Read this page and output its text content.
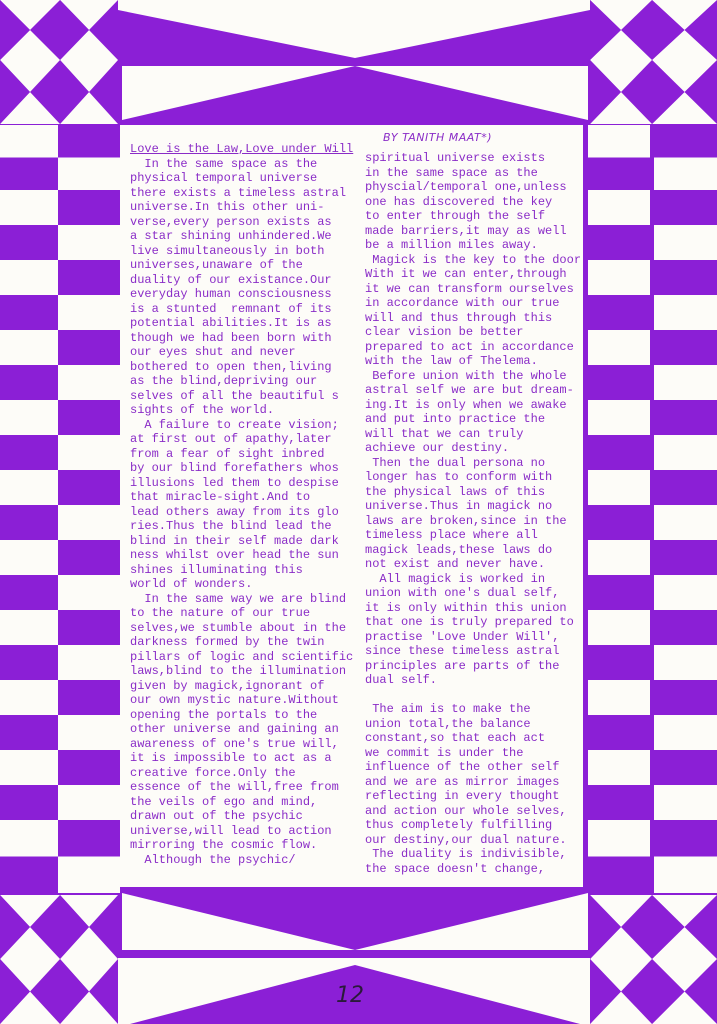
BY TANITH MAAT*)
Love is the Law,Love under Will
In the same space as the
physical temporal universe
there exists a timeless astral
universe.In this other uni-
verse,every person exists as
a star shining unhindered.We
live simultaneously in both
universes,unaware of the
duality of our existance.Our
everyday human consciousness
is a stunted  remnant of its
potential abilities.It is as
though we had been born with
our eyes shut and never
bothered to open then,living
as the blind,depriving our
selves of all the beautiful s
sights of the world.
A failure to create vision;
at first out of apathy,later
from a fear of sight inbred
by our blind forefathers whos
illusions led them to despise
that miracle-sight.And to
lead others away from its glo
ries.Thus the blind lead the
blind in their self made dark
ness whilst over head the sun
shines illuminating this
world of wonders.
In the same way we are blind
to the nature of our true
selves,we stumble about in the
darkness formed by the twin
pillars of logic and scientific
laws,blind to the illumination
given by magick,ignorant of
our own mystic nature.Without
opening the portals to the
other universe and gaining an
awareness of one's true will,
it is impossible to act as a
creative force.Only the
essence of the will,free from
the veils of ego and mind,
drawn out of the psychic
universe,will lead to action
mirroring the cosmic flow.
Although the psychic/
spiritual universe exists
in the same space as the
physcial/temporal one,unless
one has discovered the key
to enter through the self
made barriers,it may as well
be a million miles away.
Magick is the key to the door
With it we can enter,through
it we can transform ourselves
in accordance with our true
will and thus through this
clear vision be better
prepared to act in accordance
with the law of Thelema.
Before union with the whole
astral self we are but dream-
ing.It is only when we awake
and put into practice the
will that we can truly
achieve our destiny.
Then the dual persona no
longer has to conform with
the physical laws of this
universe.Thus in magick no
laws are broken,since in the
timeless place where all
magick leads,these laws do
not exist and never have.
All magick is worked in
union with one's dual self,
it is only within this union
that one is truly prepared to
practise 'Love Under Will',
since these timeless astral
principles are parts of the
dual self.

The aim is to make the
union total,the balance
constant,so that each act
we commit is under the
influence of the other self
and we are as mirror images
reflecting in every thought
and action our whole selves,
thus completely fulfilling
our destiny,our dual nature.
The duality is indivisible,
the space doesn't change,
12
